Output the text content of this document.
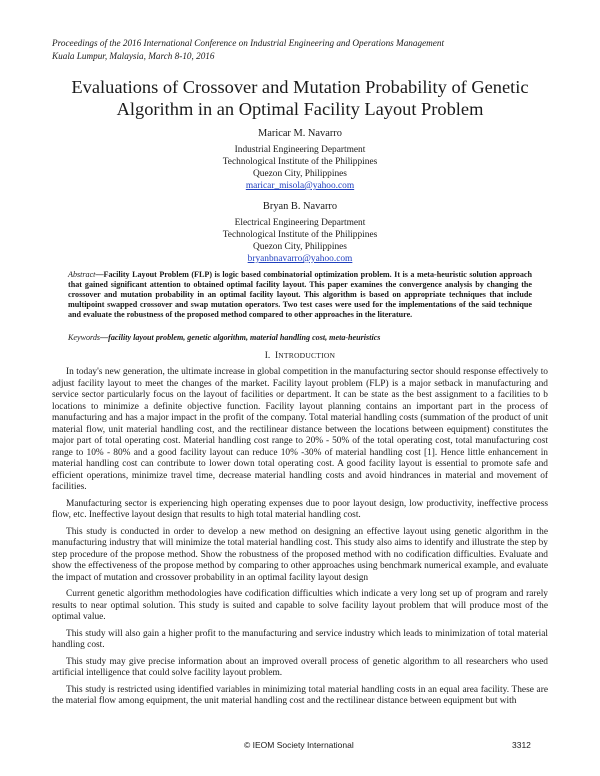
Proceedings of the 2016 International Conference on Industrial Engineering and Operations Management
Kuala Lumpur, Malaysia, March 8-10, 2016
Evaluations of Crossover and Mutation Probability of Genetic
Algorithm in an Optimal Facility Layout Problem
Maricar M. Navarro
Industrial Engineering Department
Technological Institute of the Philippines
Quezon City, Philippines
maricar_misola@yahoo.com
Bryan B. Navarro
Electrical Engineering Department
Technological Institute of the Philippines
Quezon City, Philippines
bryanbnavarro@yahoo.com
Abstract—Facility Layout Problem (FLP) is logic based combinatorial optimization problem. It is a meta-heuristic solution approach that gained significant attention to obtained optimal facility layout. This paper examines the convergence analysis by changing the crossover and mutation probability in an optimal facility layout. This algorithm is based on appropriate techniques that include multipoint swapped crossover and swap mutation operators. Two test cases were used for the implementations of the said technique and evaluate the robustness of the proposed method compared to other approaches in the literature.
Keywords—facility layout problem, genetic algorithm, material handling cost, meta-heuristics
I. INTRODUCTION

In today's new generation, the ultimate increase in global competition in the manufacturing sector should response effectively to adjust facility layout to meet the changes of the market. Facility layout problem (FLP) is a major setback in manufacturing and service sector particularly focus on the layout of facilities or department. It can be state as the best assignment to a facilities to b locations to minimize a definite objective function. Facility layout planning contains an important part in the process of manufacturing and has a major impact in the profit of the company. Total material handling costs (summation of the product of unit material flow, unit material handling cost, and the rectilinear distance between the locations between equipment) constitutes the major part of total operating cost. Material handling cost range to 20% - 50% of the total operating cost, total manufacturing cost range to 10% - 80% and a good facility layout can reduce 10% -30% of material handling cost [1]. Hence little enhancement in material handling cost can contribute to lower down total operating cost. A good facility layout is essential to promote safe and efficient operations, minimize travel time, decrease material handling costs and avoid hindrances in material and movement of facilities.

Manufacturing sector is experiencing high operating expenses due to poor layout design, low productivity, ineffective process flow, etc. Ineffective layout design that results to high total material handling cost.

This study is conducted in order to develop a new method on designing an effective layout using genetic algorithm in the manufacturing industry that will minimize the total material handling cost. This study also aims to identify and illustrate the step by step procedure of the propose method. Show the robustness of the proposed method with no codification difficulties. Evaluate and show the effectiveness of the propose method by comparing to other approaches using benchmark numerical example, and evaluate the impact of mutation and crossover probability in an optimal facility layout design

Current genetic algorithm methodologies have codification difficulties which indicate a very long set up of program and rarely results to near optimal solution. This study is suited and capable to solve facility layout problem that will produce most of the optimal value.

This study will also gain a higher profit to the manufacturing and service industry which leads to minimization of total material handling cost.

This study may give precise information about an improved overall process of genetic algorithm to all researchers who used artificial intelligence that could solve facility layout problem.

This study is restricted using identified variables in minimizing total material handling costs in an equal area facility. These are the material flow among equipment, the unit material handling cost and the rectilinear distance between equipment but with

© IEOM Society International	3312
